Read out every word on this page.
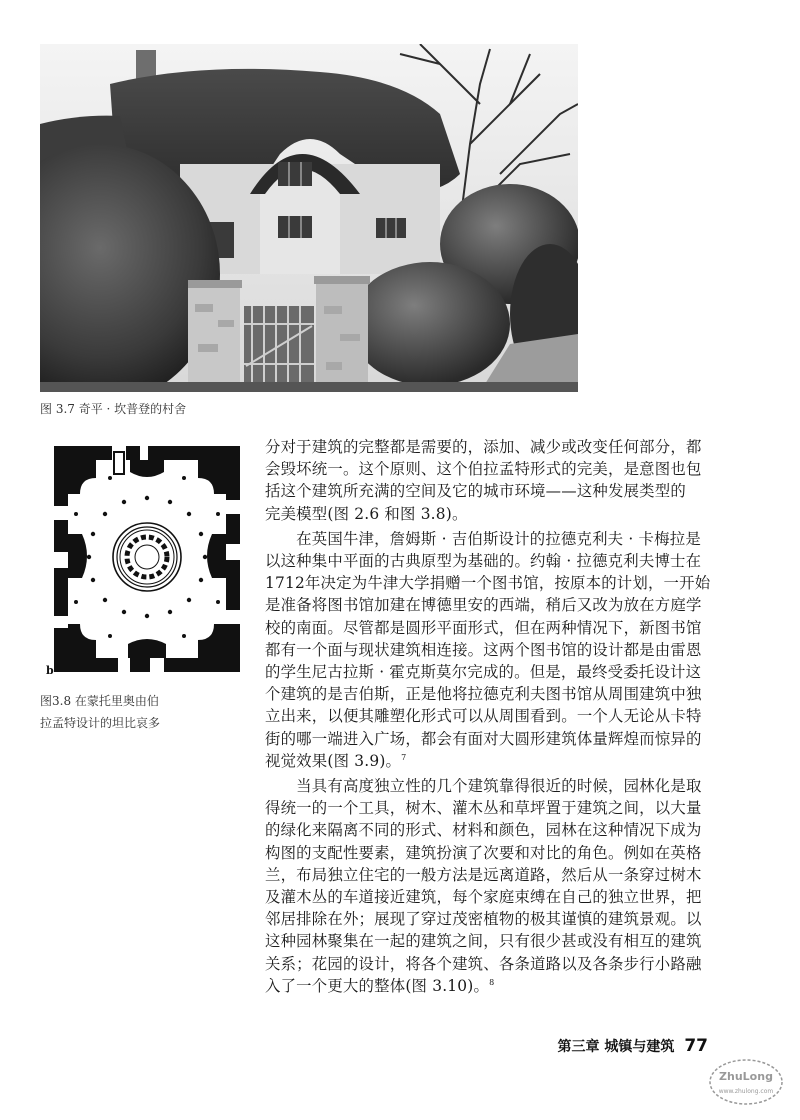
图 3.7 奇平 · 坎普登的村舍
b
图3.8 在蒙托里奥由伯
拉孟特设计的坦比哀多

分对于建筑的完整都是需要的，添加、减少或改变任何部分，都
会毁坏统一。这个原则、这个伯拉孟特形式的完美，是意图也包
括这个建筑所充满的空间及它的城市环境——这种发展类型的
完美模型(图 2.6 和图 3.8)。

　　在英国牛津，詹姆斯 · 吉伯斯设计的拉德克利夫 · 卡梅拉是
以这种集中平面的古典原型为基础的。约翰 · 拉德克利夫博士在
1712年决定为牛津大学捐赠一个图书馆，按原本的计划，一开始
是准备将图书馆加建在博德里安的西端，稍后又改为放在方庭学
校的南面。尽管都是圆形平面形式，但在两种情况下，新图书馆
都有一个面与现状建筑相连接。这两个图书馆的设计都是由雷恩
的学生尼古拉斯 · 霍克斯莫尔完成的。但是，最终受委托设计这
个建筑的是吉伯斯，正是他将拉德克利夫图书馆从周围建筑中独
立出来，以便其雕塑化形式可以从周围看到。一个人无论从卡特
街的哪一端进入广场，都会有面对大圆形建筑体量辉煌而惊异的
视觉效果(图 3.9)。$^7$

　　当具有高度独立性的几个建筑靠得很近的时候，园林化是取
得统一的一个工具，树木、灌木丛和草坪置于建筑之间，以大量
的绿化来隔离不同的形式、材料和颜色，园林在这种情况下成为
构图的支配性要素，建筑扮演了次要和对比的角色。例如在英格
兰，布局独立住宅的一般方法是远离道路，然后从一条穿过树木
及灌木丛的车道接近建筑，每个家庭束缚在自己的独立世界，把
邻居排除在外；展现了穿过茂密植物的极其谨慎的建筑景观。以
这种园林聚集在一起的建筑之间，只有很少甚或没有相互的建筑
关系；花园的设计，将各个建筑、各条道路以及各条步行小路融
入了一个更大的整体(图 3.10)。$^8$

第三章 城镇与建筑 77
ZhuLong
www.zhulong.com
